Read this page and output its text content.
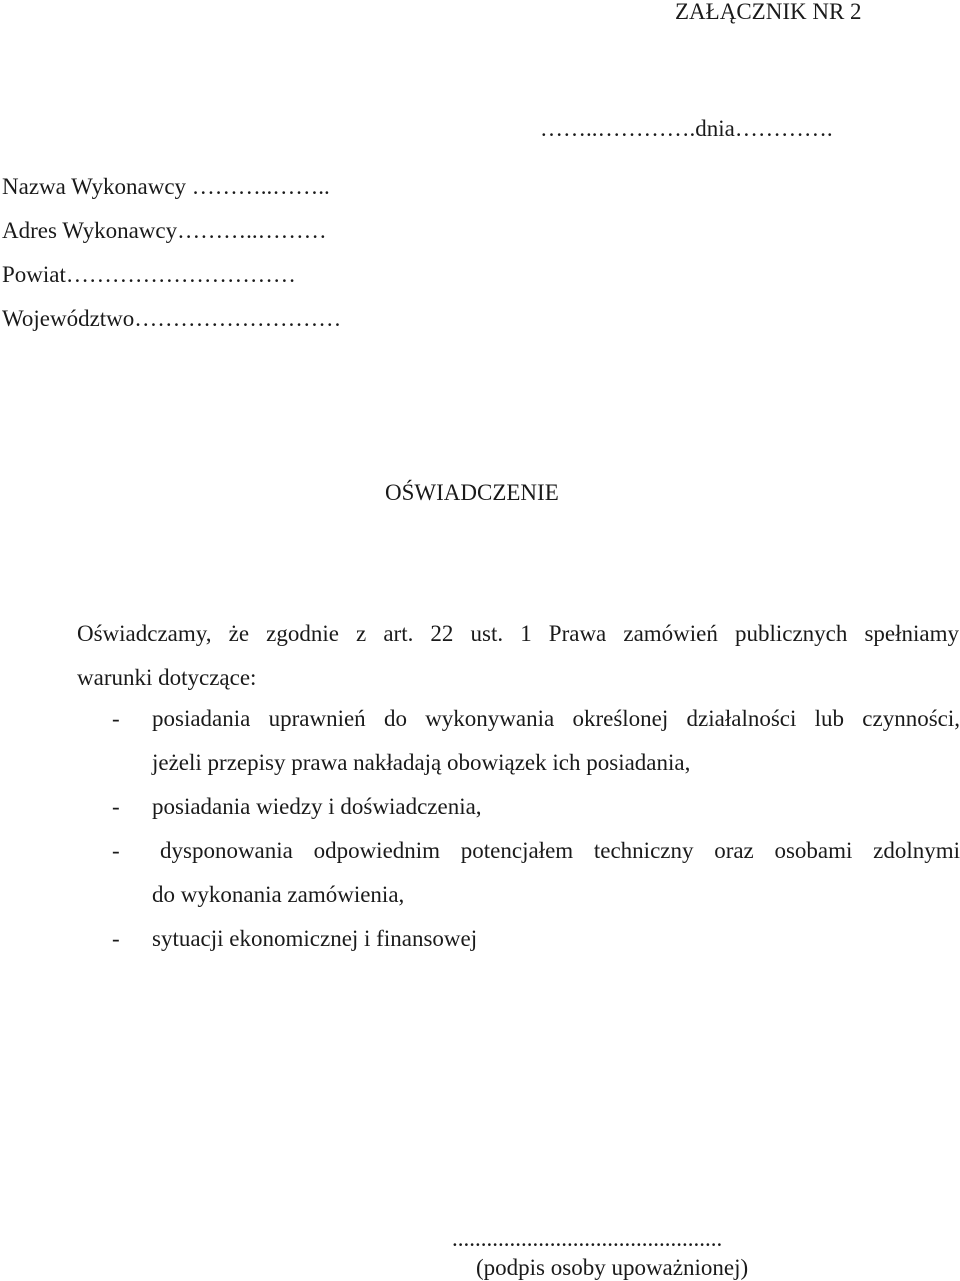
ZAŁĄCZNIK NR 2
……..………….dnia………….
Nazwa Wykonawcy ………..……..
Adres Wykonawcy………..………
Powiat…………………………
Województwo………………………
OŚWIADCZENIE
Oświadczamy, że zgodnie z art. 22 ust. 1 Prawa zamówień publicznych spełniamy
warunki dotyczące:
- posiadania uprawnień do wykonywania określonej działalności lub czynności,
jeżeli przepisy prawa nakładają obowiązek ich posiadania,
- posiadania wiedzy i doświadczenia,
- dysponowania odpowiednim potencjałem techniczny oraz osobami zdolnymi
do wykonania zamówienia,
- sytuacji ekonomicznej i finansowej
...............................................
(podpis osoby upoważnionej)
